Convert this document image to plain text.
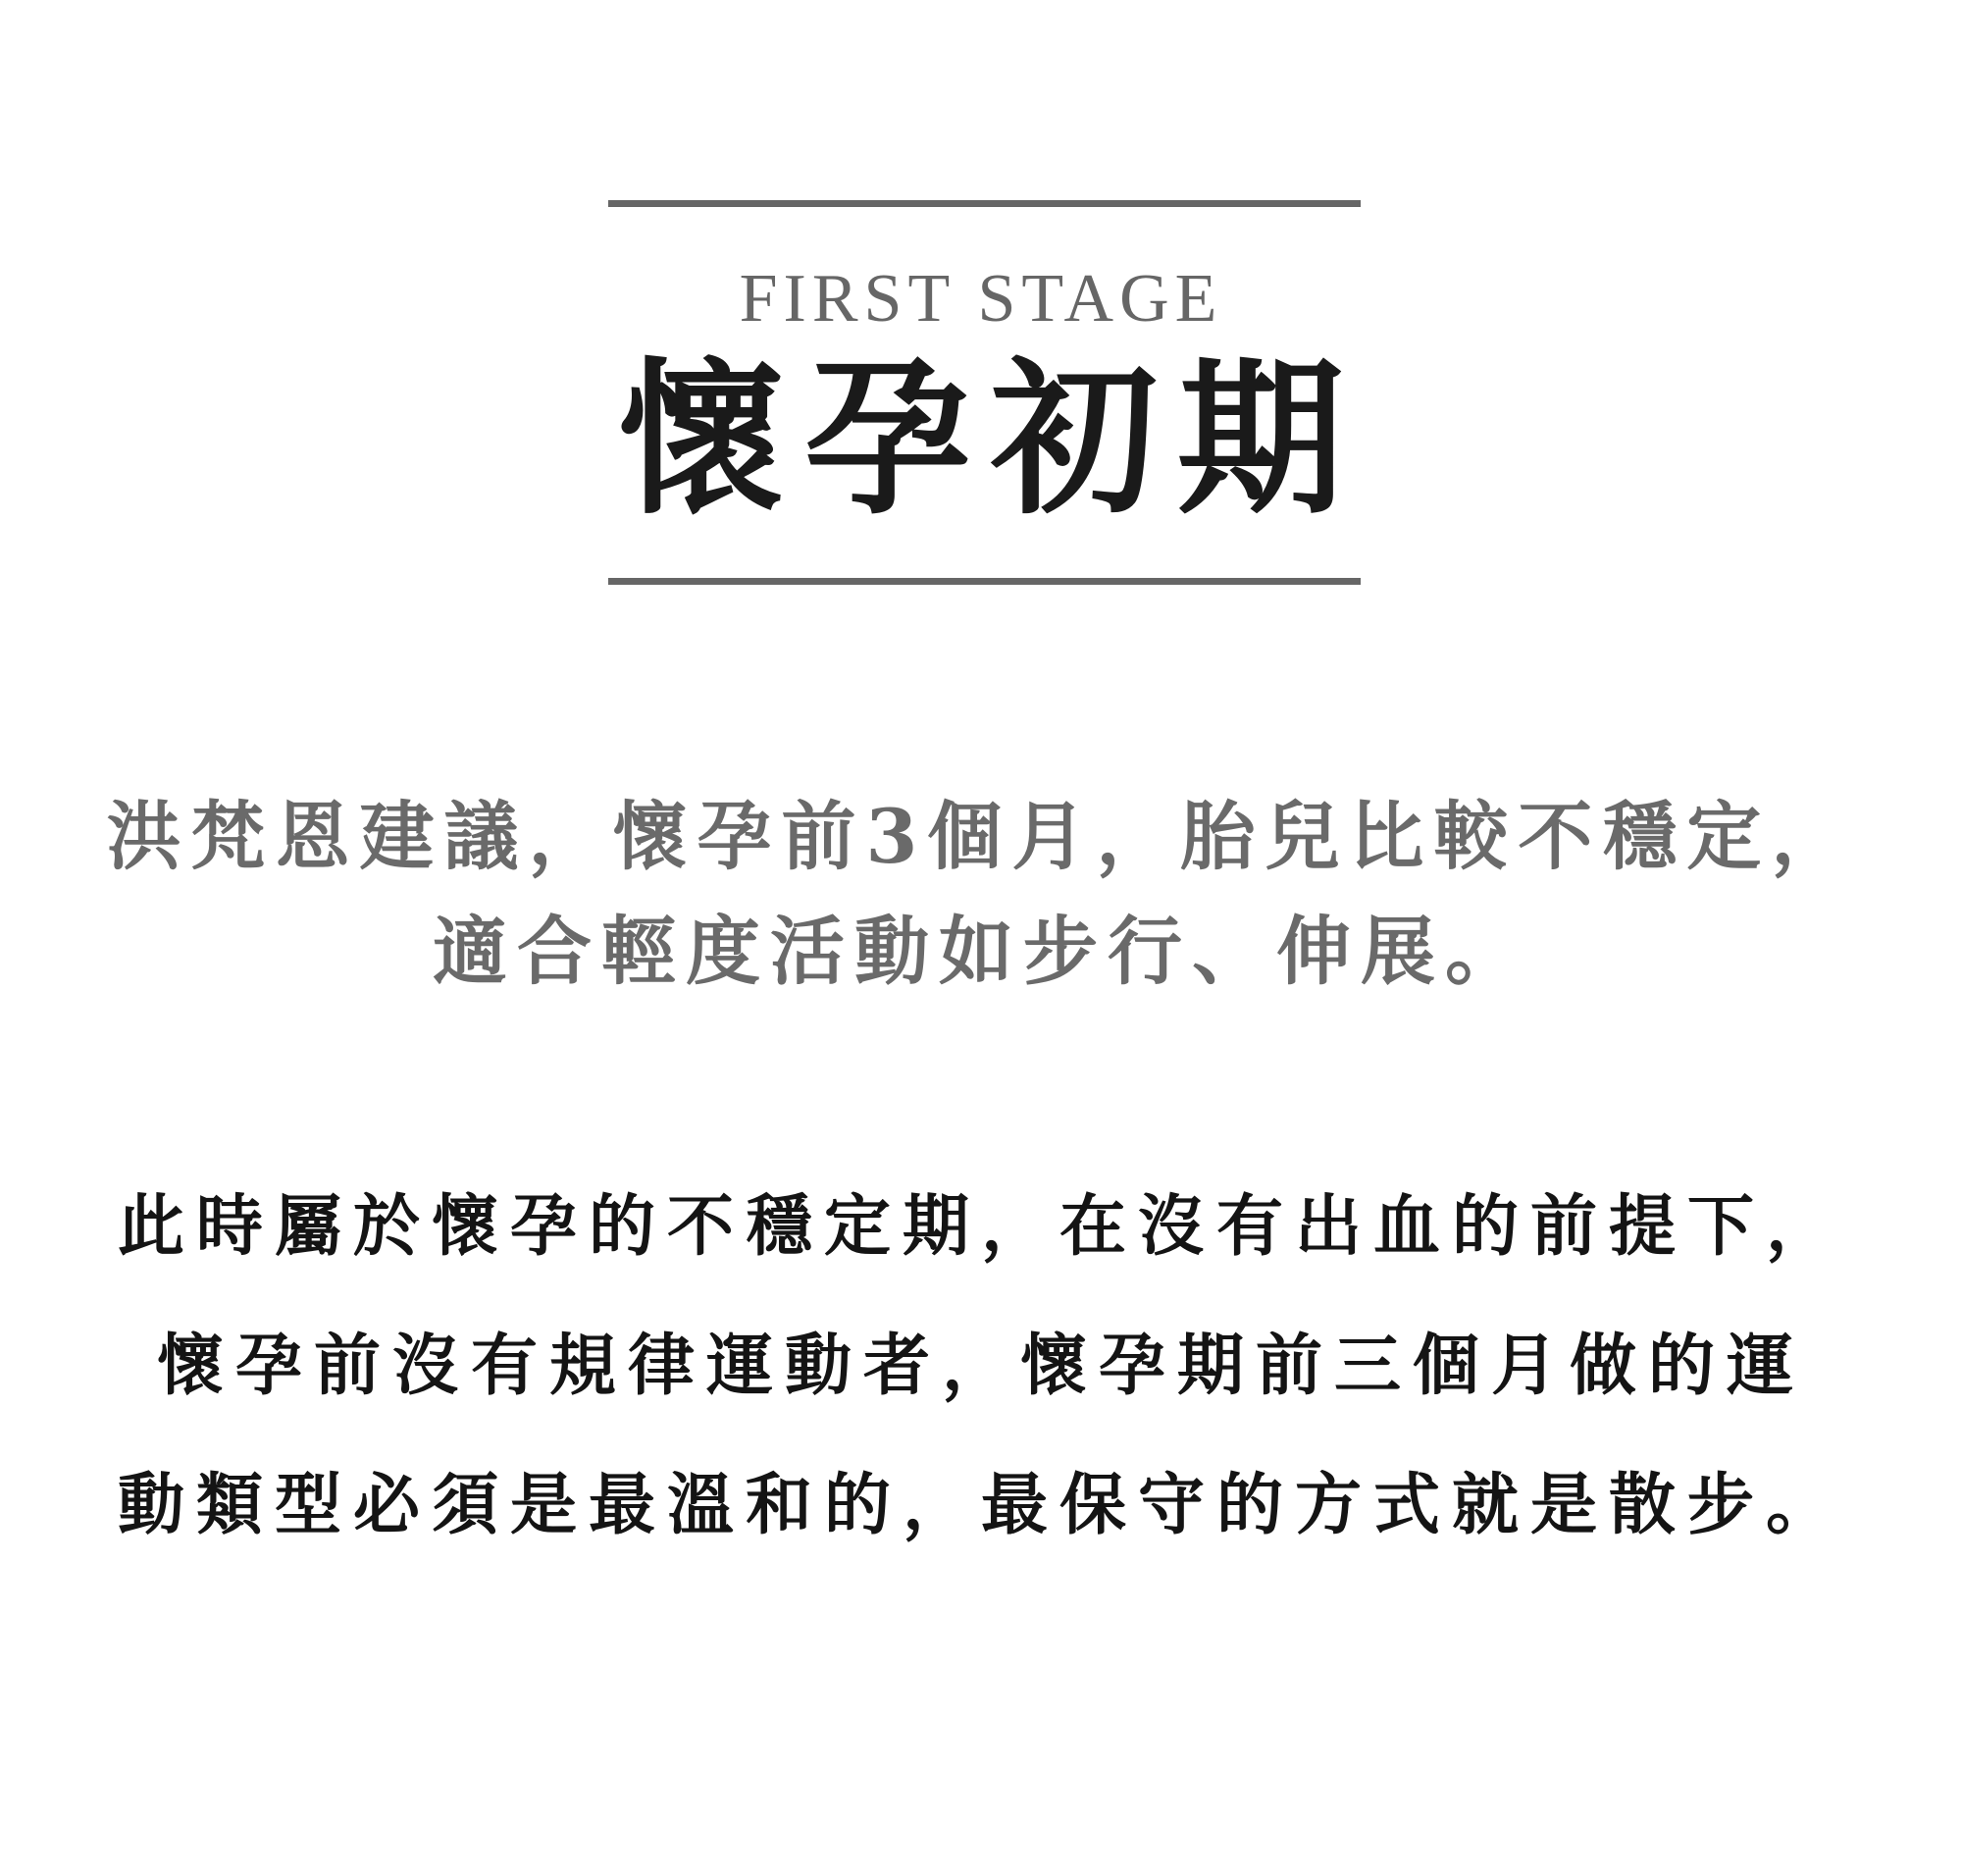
FIRST STAGE
懷孕初期
洪梵恩建議，懷孕前3個月，胎兒比較不穩定，
適合輕度活動如步行、伸展。
此時屬於懷孕的不穩定期，在沒有出血的前提下，
懷孕前沒有規律運動者，懷孕期前三個月做的運
動類型必須是最溫和的，最保守的方式就是散步。
